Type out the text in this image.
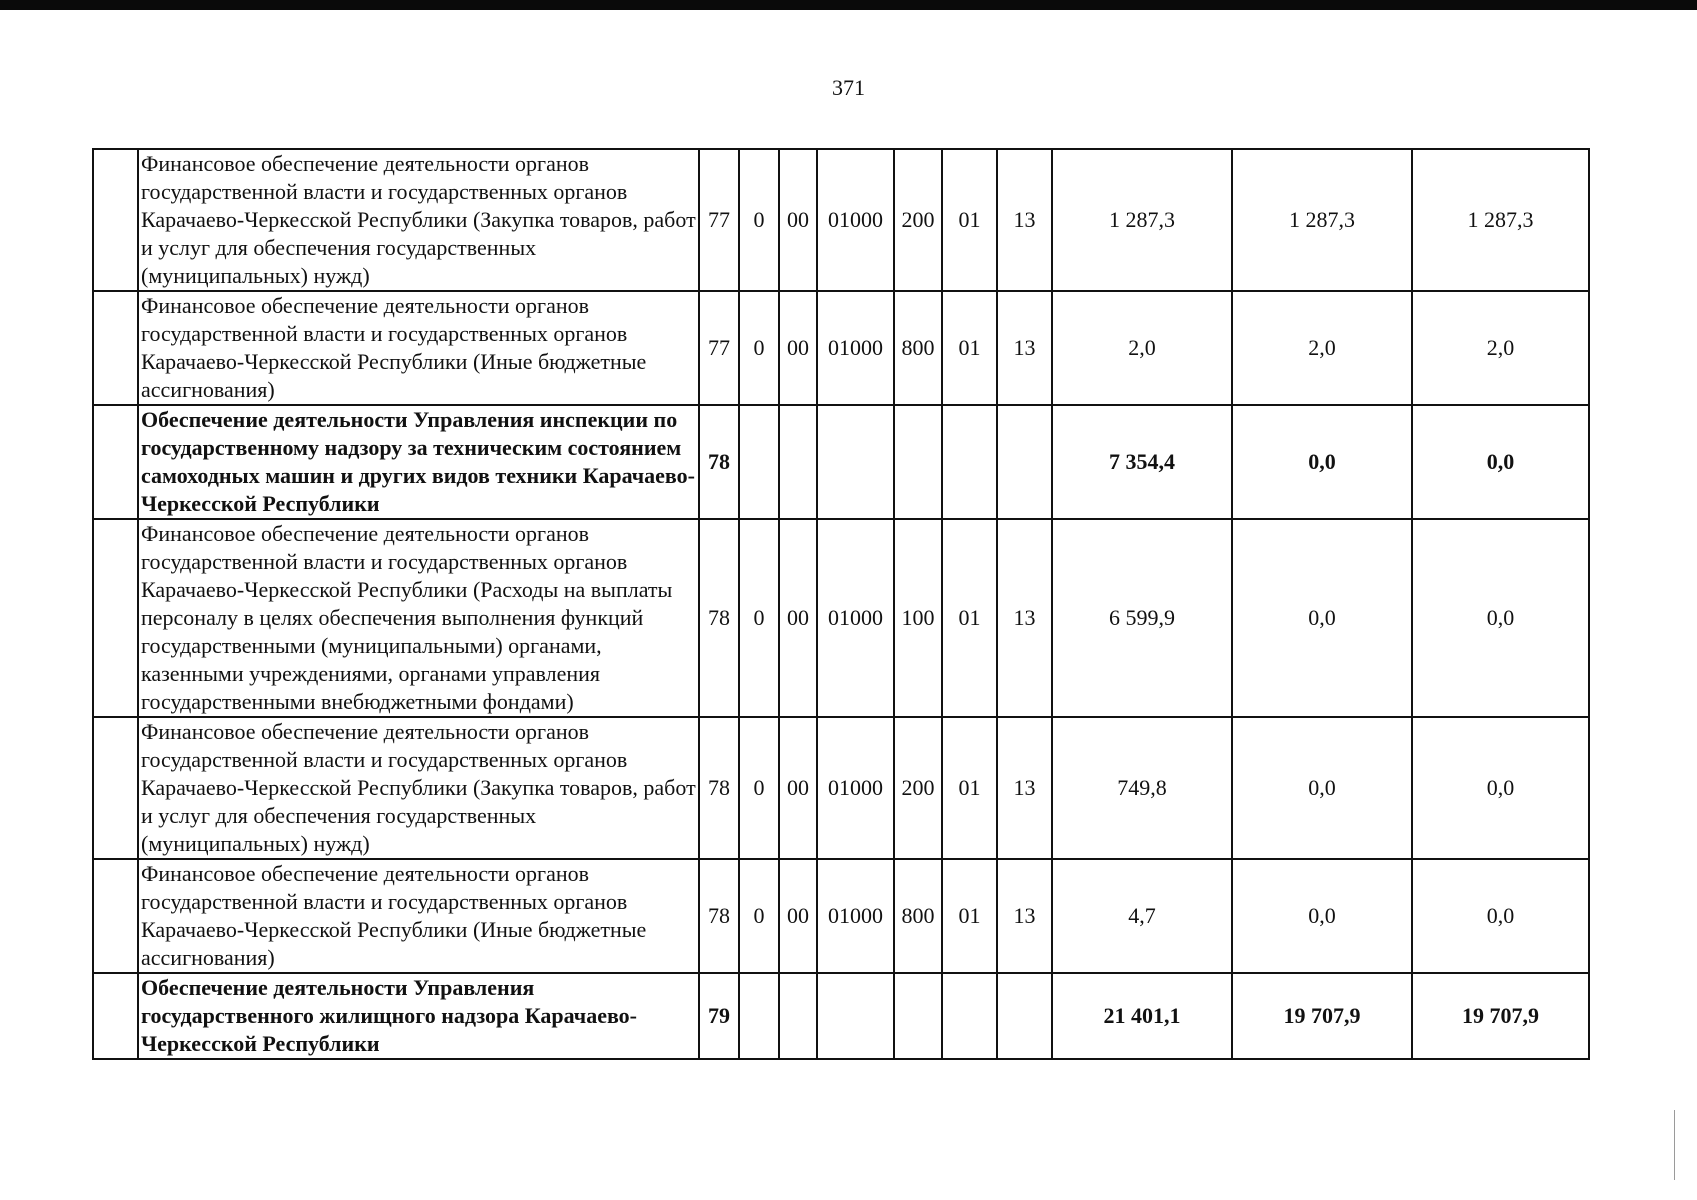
371
	Финансовое обеспечение деятельности органов государственной власти и государственных органов Карачаево-Черкесской Республики (Закупка товаров, работ и услуг для обеспечения государственных (муниципальных) нужд)	77	0	00	01000	200	01	13	1 287,3	1 287,3	1 287,3
	Финансовое обеспечение деятельности органов государственной власти и государственных органов Карачаево-Черкесской Республики (Иные бюджетные ассигнования)	77	0	00	01000	800	01	13	2,0	2,0	2,0
	Обеспечение деятельности Управления инспекции по государственному надзору за техническим состоянием самоходных машин и других видов техники Карачаево-Черкесской Республики	78							7 354,4	0,0	0,0
	Финансовое обеспечение деятельности органов государственной власти и государственных органов Карачаево-Черкесской Республики (Расходы на выплаты персоналу в целях обеспечения выполнения функций государственными (муниципальными) органами, казенными учреждениями, органами управления государственными внебюджетными фондами)	78	0	00	01000	100	01	13	6 599,9	0,0	0,0
	Финансовое обеспечение деятельности органов государственной власти и государственных органов Карачаево-Черкесской Республики (Закупка товаров, работ и услуг для обеспечения государственных (муниципальных) нужд)	78	0	00	01000	200	01	13	749,8	0,0	0,0
	Финансовое обеспечение деятельности органов государственной власти и государственных органов Карачаево-Черкесской Республики (Иные бюджетные ассигнования)	78	0	00	01000	800	01	13	4,7	0,0	0,0
	Обеспечение деятельности Управления государственного жилищного надзора Карачаево-Черкесской Республики	79							21 401,1	19 707,9	19 707,9
